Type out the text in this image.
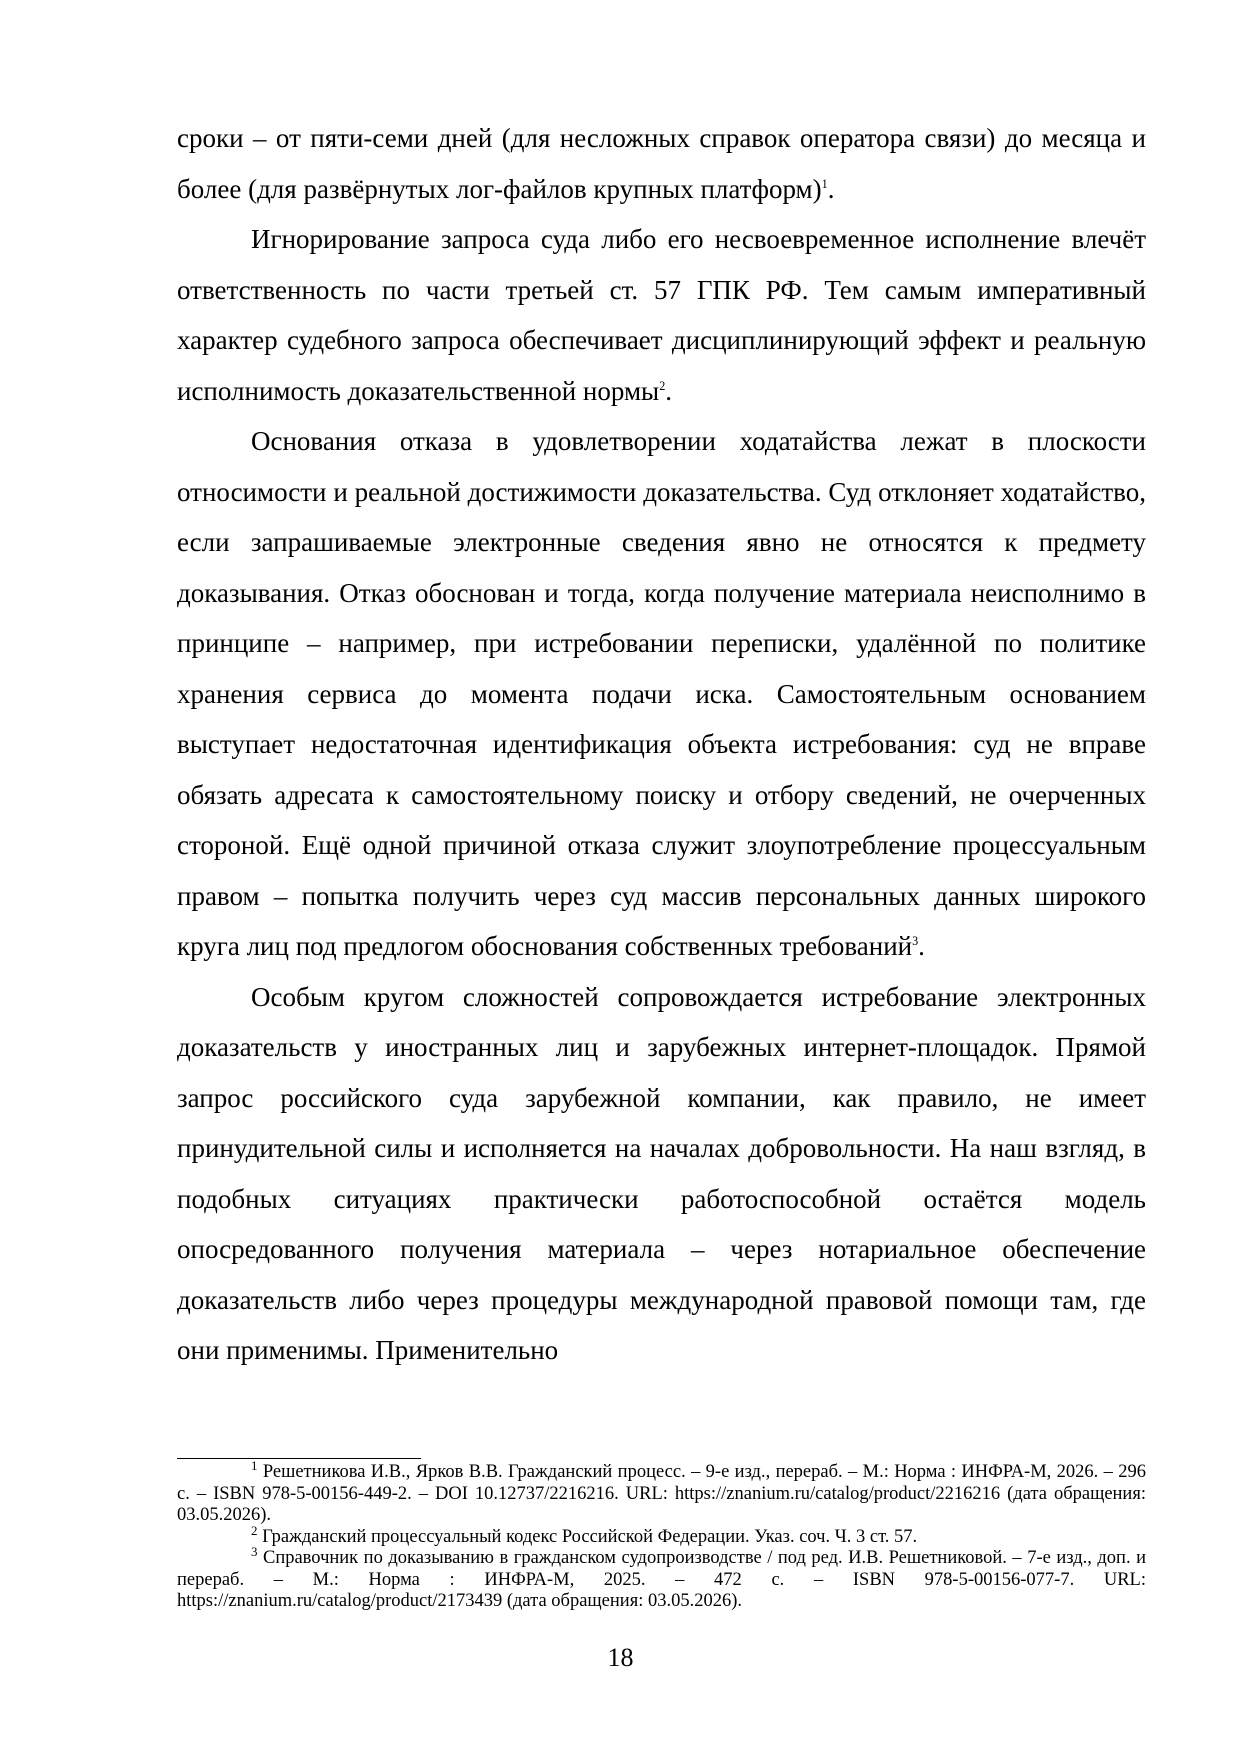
сроки – от пяти-семи дней (для несложных справок оператора связи) до месяца и более (для развёрнутых лог-файлов крупных платформ)$^1$.

Игнорирование запроса суда либо его несвоевременное исполнение влечёт ответственность по части третьей ст. 57 ГПК РФ. Тем самым императивный характер судебного запроса обеспечивает дисциплинирующий эффект и реальную исполнимость доказательственной нормы$^2$.

Основания отказа в удовлетворении ходатайства лежат в плоскости относимости и реальной достижимости доказательства. Суд отклоняет ходатайство, если запрашиваемые электронные сведения явно не относятся к предмету доказывания. Отказ обоснован и тогда, когда получение материала неисполнимо в принципе – например, при истребовании переписки, удалённой по политике хранения сервиса до момента подачи иска. Самостоятельным основанием выступает недостаточная идентификация объекта истребования: суд не вправе обязать адресата к самостоятельному поиску и отбору сведений, не очерченных стороной. Ещё одной причиной отказа служит злоупотребление процессуальным правом – попытка получить через суд массив персональных данных широкого круга лиц под предлогом обоснования собственных требований$^3$.

Особым кругом сложностей сопровождается истребование электронных доказательств у иностранных лиц и зарубежных интернет-площадок. Прямой запрос российского суда зарубежной компании, как правило, не имеет принудительной силы и исполняется на началах добровольности. На наш взгляд, в подобных ситуациях практически работоспособной остаётся модель опосредованного получения материала – через нотариальное обеспечение доказательств либо через процедуры международной правовой помощи там, где они применимы. Применительно

$^1$ Решетникова И.В., Ярков В.В. Гражданский процесс. – 9-е изд., перераб. – М.: Норма : ИНФРА-М, 2026. – 296 с. – ISBN 978-5-00156-449-2. – DOI 10.12737/2216216. URL: https://znanium.ru/catalog/product/2216216 (дата обращения: 03.05.2026).

$^2$ Гражданский процессуальный кодекс Российской Федерации. Указ. соч. Ч. 3 ст. 57.

$^3$ Справочник по доказыванию в гражданском судопроизводстве / под ред. И.В. Решетниковой. – 7-е изд., доп. и перераб. – М.: Норма : ИНФРА-М, 2025. – 472 с. – ISBN 978-5-00156-077-7. URL: https://znanium.ru/catalog/product/2173439 (дата обращения: 03.05.2026).

18
